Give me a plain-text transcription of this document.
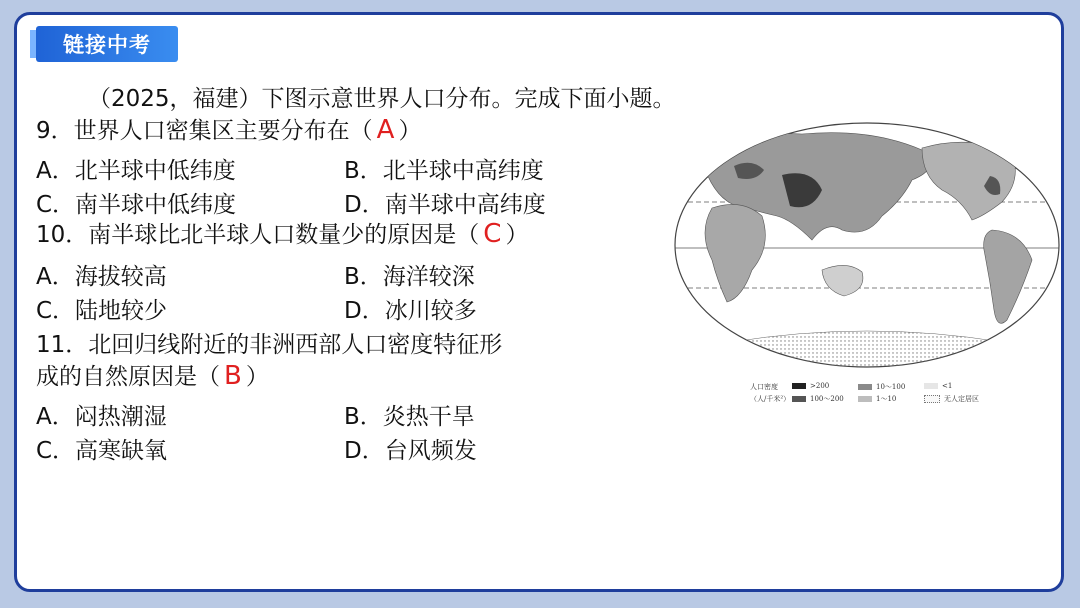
链接中考
（2025，福建）下图示意世界人口分布。完成下面小题。
9．世界人口密集区主要分布在（ A ）
A．北半球中低纬度	B．北半球中高纬度
C．南半球中低纬度	D．南半球中高纬度
10．南半球比北半球人口数量少的原因是（ C ）
A．海拔较高	B．海洋较深
C．陆地较少	D．冰川较多
11．北回归线附近的非洲西部人口密度特征形
成的自然原因是（ B ）
A．闷热潮湿	B．炎热干旱
C．高寒缺氧	D．台风频发
人口密度
（人/千米²）
>200	10～100	<1
100～200	1～10	无人定居区
